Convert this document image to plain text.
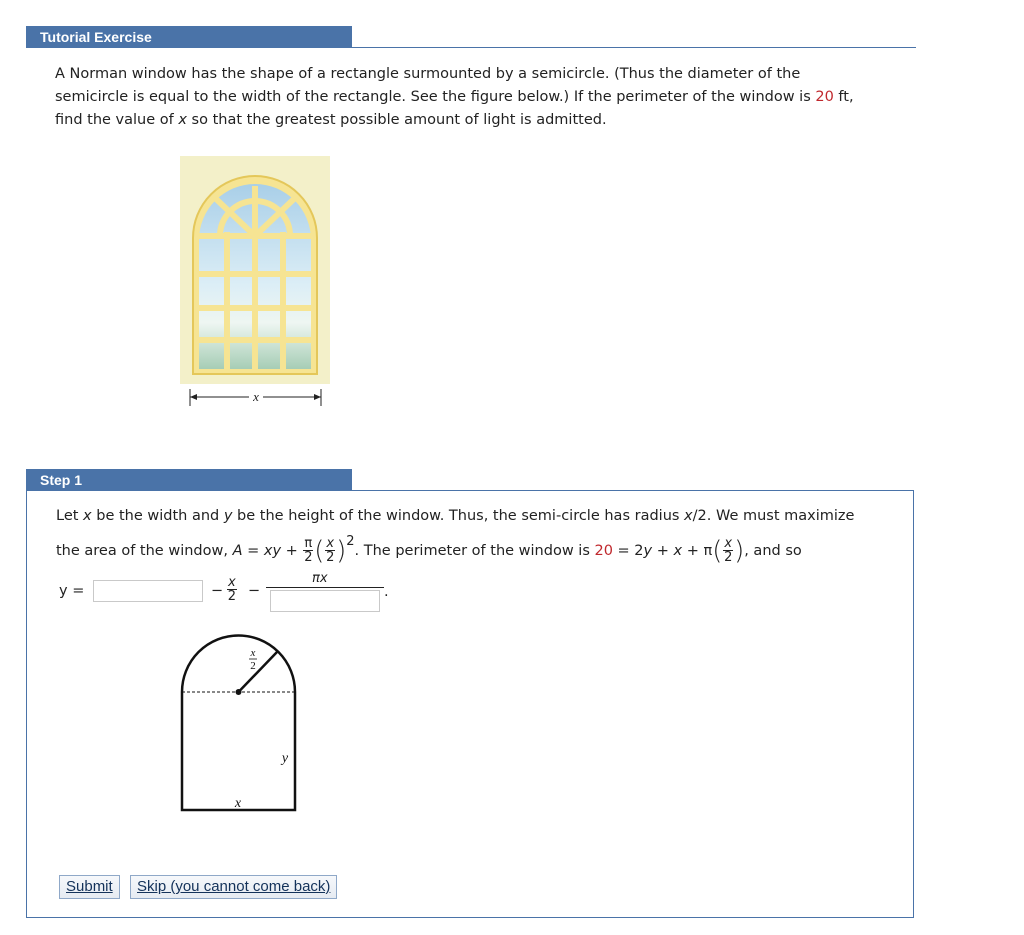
Tutorial Exercise
A Norman window has the shape of a rectangle surmounted by a semicircle. (Thus the diameter of the
semicircle is equal to the width of the rectangle. See the figure below.) If the perimeter of the window is 20 ft,
find the value of x so that the greatest possible amount of light is admitted.
x
Step 1
Let x be the width and y be the height of the window. Thus, the semi-circle has radius x/2. We must maximize
the area of the window, A = xy + $\frac{\pi}{2}$ ( $\frac{x}{2} )^2$. The perimeter of the window is $20 = 2y + x + \pi( \frac{x}{2}$ ), and so
y =	− $\frac{x}{2}$ −
πx
.
x
2
y
x
Submit	Skip (you cannot come back)
